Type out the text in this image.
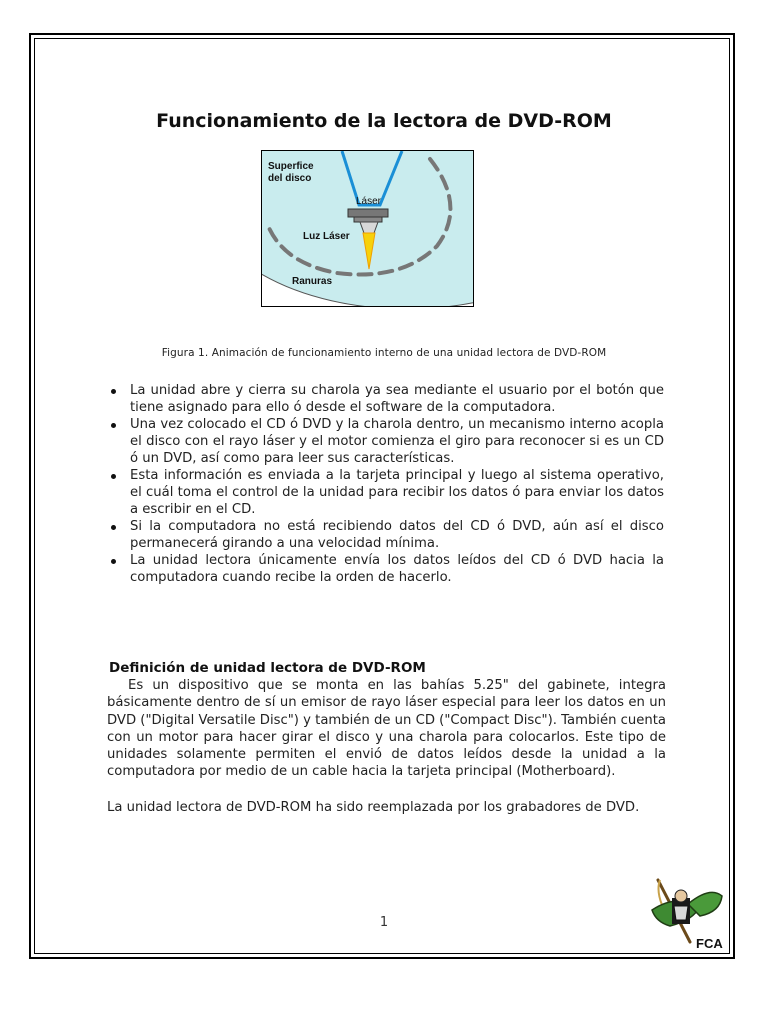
Funcionamiento de la lectora de DVD-ROM
Superfice
del disco
Láser
Luz Láser
Ranuras
Figura 1. Animación de funcionamiento interno de una unidad lectora de DVD-ROM
La unidad abre y cierra su charola ya sea mediante el usuario por el botón que tiene asignado para ello ó desde el software de la computadora.
Una vez colocado el CD ó DVD y la charola dentro, un mecanismo interno acopla el disco con el rayo láser y el motor comienza el giro para reconocer si es un CD ó un DVD, así como para leer sus características.
Esta información es enviada a la tarjeta principal y luego al sistema operativo, el cuál toma el control de la unidad para recibir los datos ó para enviar los datos a escribir en el CD.
Si la computadora no está recibiendo datos del CD ó DVD, aún así el disco permanecerá girando a una velocidad mínima.
La unidad lectora únicamente envía los datos leídos del CD ó DVD hacia la computadora cuando recibe la orden de hacerlo.
Definición de unidad lectora de DVD-ROM

Es un dispositivo que se monta en las bahías 5.25" del gabinete, integra básicamente dentro de sí un emisor de rayo láser especial para leer los datos en un DVD ("Digital Versatile Disc") y también de un CD ("Compact Disc"). También cuenta con un motor para hacer girar el disco y una charola para colocarlos. Este tipo de unidades solamente permiten el envió de datos leídos desde la unidad a la computadora por medio de un cable hacia la tarjeta principal (Motherboard).

La unidad lectora de DVD-ROM ha sido reemplazada por los grabadores de DVD.

1
FCA
